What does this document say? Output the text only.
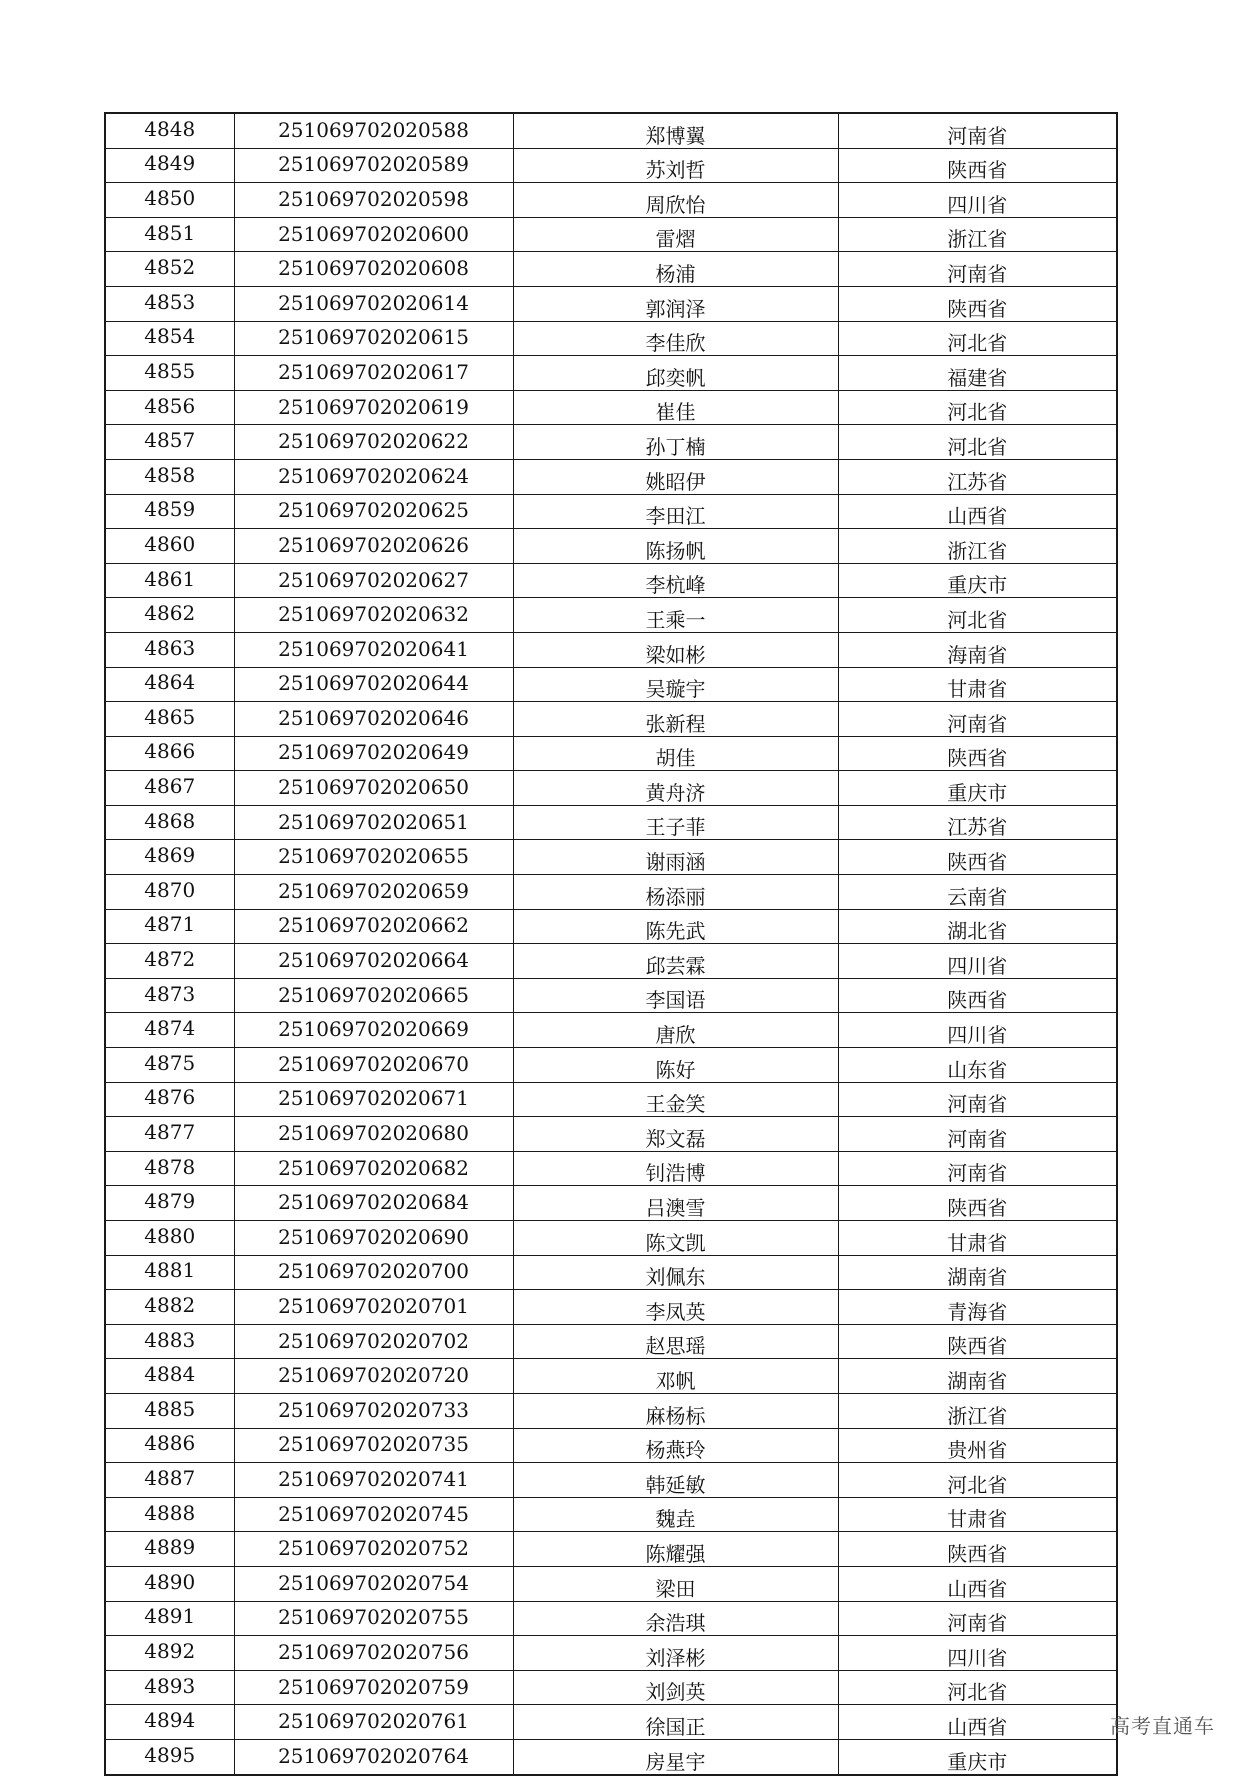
4848	251069702020588	郑博翼	河南省
4849	251069702020589	苏刘哲	陕西省
4850	251069702020598	周欣怡	四川省
4851	251069702020600	雷熠	浙江省
4852	251069702020608	杨浦	河南省
4853	251069702020614	郭润泽	陕西省
4854	251069702020615	李佳欣	河北省
4855	251069702020617	邱奕帆	福建省
4856	251069702020619	崔佳	河北省
4857	251069702020622	孙丁楠	河北省
4858	251069702020624	姚昭伊	江苏省
4859	251069702020625	李田江	山西省
4860	251069702020626	陈扬帆	浙江省
4861	251069702020627	李杭峰	重庆市
4862	251069702020632	王乘一	河北省
4863	251069702020641	梁如彬	海南省
4864	251069702020644	吴璇宇	甘肃省
4865	251069702020646	张新程	河南省
4866	251069702020649	胡佳	陕西省
4867	251069702020650	黄舟济	重庆市
4868	251069702020651	王子菲	江苏省
4869	251069702020655	谢雨涵	陕西省
4870	251069702020659	杨添丽	云南省
4871	251069702020662	陈先武	湖北省
4872	251069702020664	邱芸霖	四川省
4873	251069702020665	李国语	陕西省
4874	251069702020669	唐欣	四川省
4875	251069702020670	陈好	山东省
4876	251069702020671	王金笑	河南省
4877	251069702020680	郑文磊	河南省
4878	251069702020682	钊浩博	河南省
4879	251069702020684	吕澳雪	陕西省
4880	251069702020690	陈文凯	甘肃省
4881	251069702020700	刘佩东	湖南省
4882	251069702020701	李凤英	青海省
4883	251069702020702	赵思瑶	陕西省
4884	251069702020720	邓帆	湖南省
4885	251069702020733	麻杨标	浙江省
4886	251069702020735	杨燕玲	贵州省
4887	251069702020741	韩延敏	河北省
4888	251069702020745	魏垚	甘肃省
4889	251069702020752	陈耀强	陕西省
4890	251069702020754	梁田	山西省
4891	251069702020755	余浩琪	河南省
4892	251069702020756	刘泽彬	四川省
4893	251069702020759	刘剑英	河北省
4894	251069702020761	徐国正	山西省
4895	251069702020764	房星宇	重庆市
高考直通车
